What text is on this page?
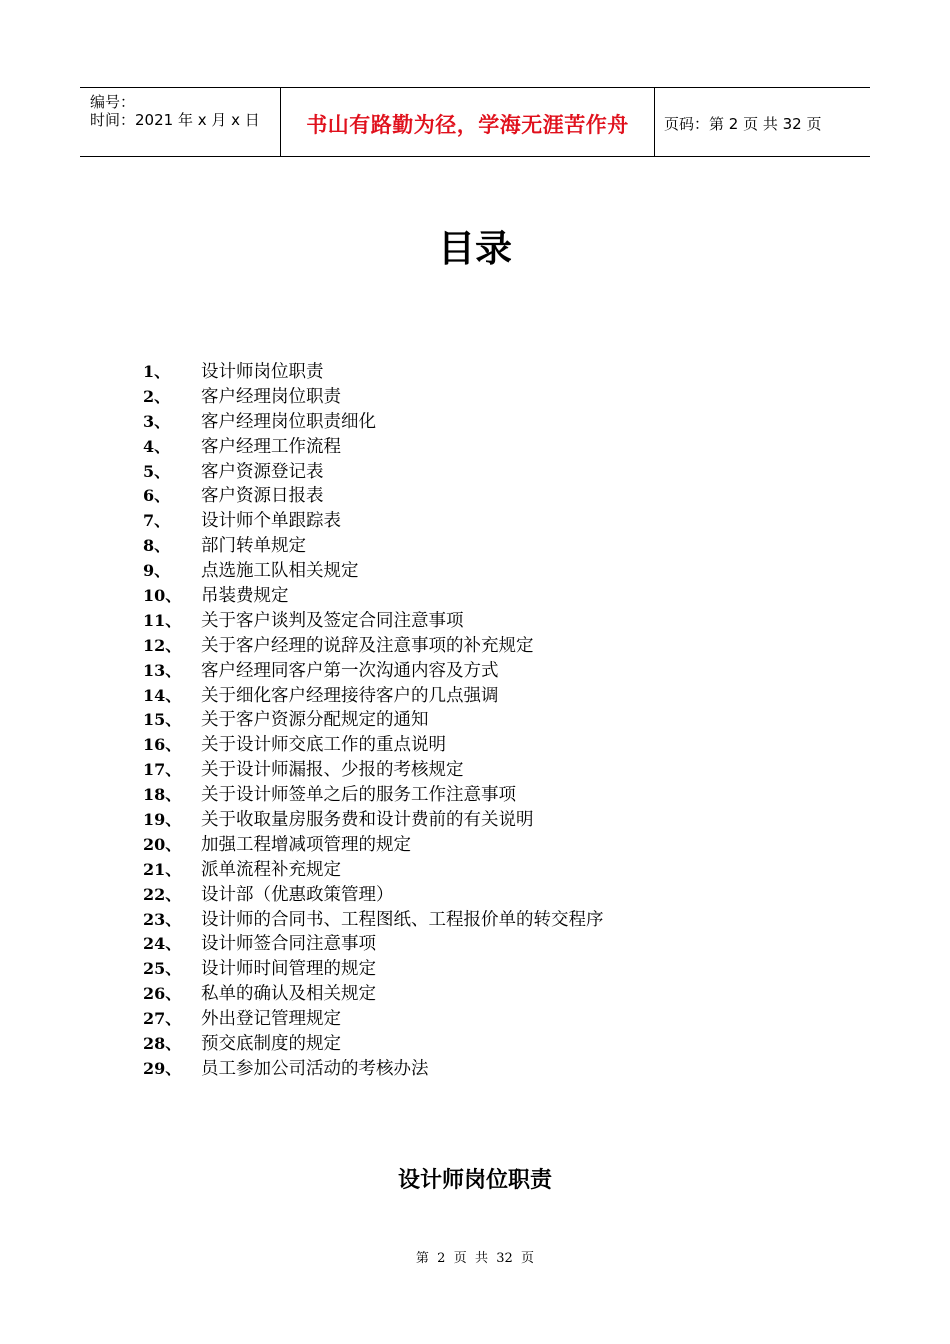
编号：
时间：2021 年 x 月 x 日	书山有路勤为径，学海无涯苦作舟	页码：第 2 页 共 32 页
目录
1、 设计师岗位职责
2、 客户经理岗位职责
3、 客户经理岗位职责细化
4、 客户经理工作流程
5、 客户资源登记表
6、 客户资源日报表
7、 设计师个单跟踪表
8、 部门转单规定
9、 点选施工队相关规定
10、 吊装费规定
11、 关于客户谈判及签定合同注意事项
12、 关于客户经理的说辞及注意事项的补充规定
13、 客户经理同客户第一次沟通内容及方式
14、 关于细化客户经理接待客户的几点强调
15、 关于客户资源分配规定的通知
16、 关于设计师交底工作的重点说明
17、 关于设计师漏报、少报的考核规定
18、 关于设计师签单之后的服务工作注意事项
19、 关于收取量房服务费和设计费前的有关说明
20、 加强工程增减项管理的规定
21、 派单流程补充规定
22、 设计部（优惠政策管理）
23、 设计师的合同书、工程图纸、工程报价单的转交程序
24、 设计师签合同注意事项
25、 设计师时间管理的规定
26、 私单的确认及相关规定
27、 外出登记管理规定
28、 预交底制度的规定
29、 员工参加公司活动的考核办法
设计师岗位职责
第  2  页  共  32  页
